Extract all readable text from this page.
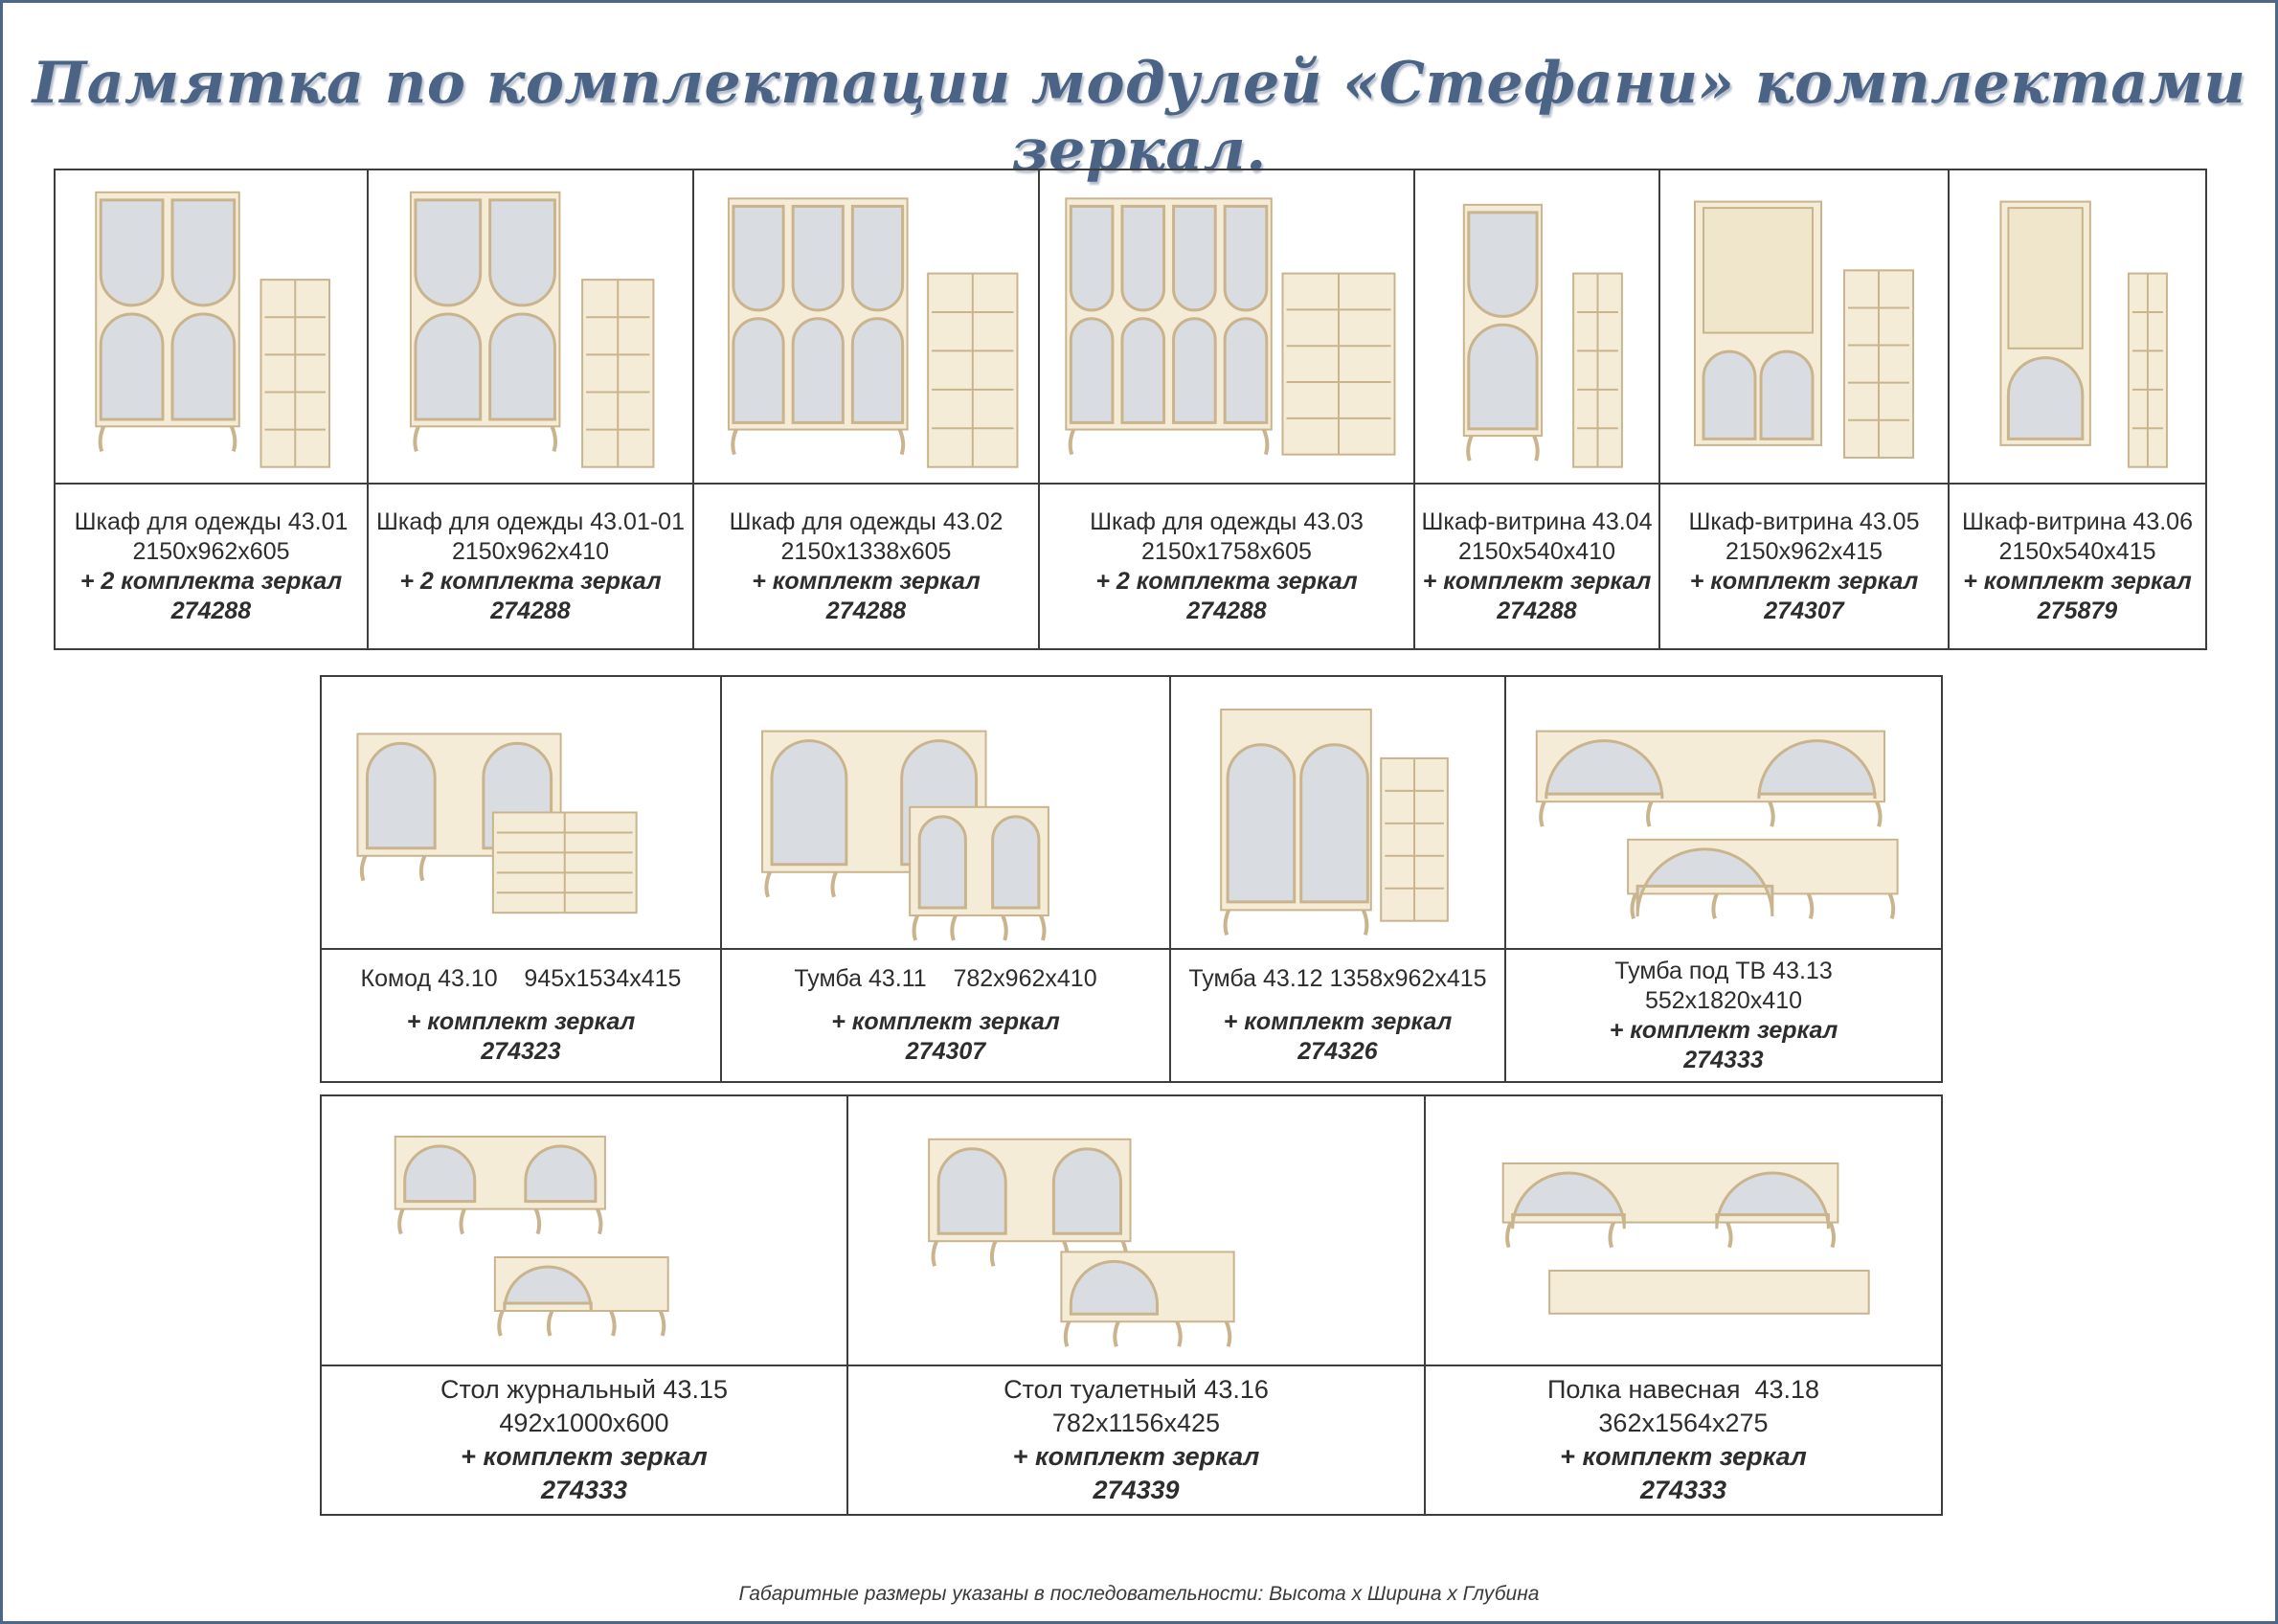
Памятка по комплектации модулей «Стефани» комплектами зеркал.

Шкаф для одежды 43.01
2150x962x605
+ 2 комплекта зеркал
274288	Шкаф для одежды 43.01-01
2150x962x410
+ 2 комплекта зеркал
274288	Шкаф для одежды 43.02
2150x1338x605
+ комплект зеркал
274288	Шкаф для одежды 43.03
2150x1758x605
+ 2 комплекта зеркал
274288	Шкаф-витрина 43.04
2150x540x410
+ комплект зеркал
274288	Шкаф-витрина 43.05
2150x962x415
+ комплект зеркал
274307	Шкаф-витрина 43.06
2150x540x415
+ комплект зеркал
275879

Комод 43.10    945x1534x415
+ комплект зеркал
274323	Тумба 43.11    782x962x410
+ комплект зеркал
274307	Тумба 43.12 1358x962x415
+ комплект зеркал
274326	Тумба под ТВ 43.13
552x1820x410
+ комплект зеркал
274333

Стол журнальный 43.15
492x1000x600
+ комплект зеркал
274333	Стол туалетный 43.16
782x1156x425
+ комплект зеркал
274339	Полка навесная  43.18
362x1564x275
+ комплект зеркал
274333
Габаритные размеры указаны в последовательности: Высота х Ширина х Глубина
